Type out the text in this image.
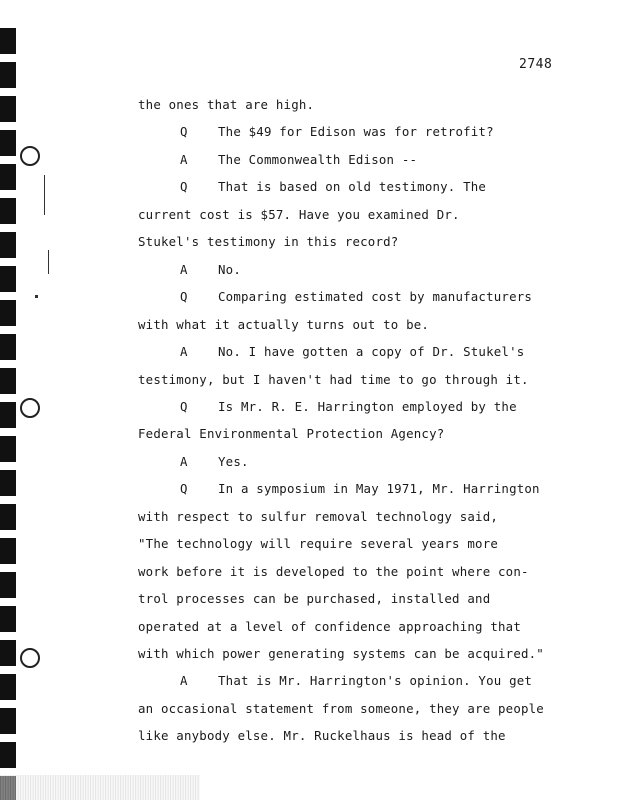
2748
the ones that are high.
Q The $49 for Edison was for retrofit?
A The Commonwealth Edison --
Q That is based on old testimony. The
current cost is $57. Have you examined Dr.
Stukel's testimony in this record?
A No.
Q Comparing estimated cost by manufacturers
with what it actually turns out to be.
A No. I have gotten a copy of Dr. Stukel's
testimony, but I haven't had time to go through it.
Q Is Mr. R. E. Harrington employed by the
Federal Environmental Protection Agency?
A Yes.
Q In a symposium in May 1971, Mr. Harrington
with respect to sulfur removal technology said,
"The technology will require several years more
work before it is developed to the point where con-
trol processes can be purchased, installed and
operated at a level of confidence approaching that
with which power generating systems can be acquired."
A That is Mr. Harrington's opinion. You get
an occasional statement from someone, they are people
like anybody else. Mr. Ruckelhaus is head of the
